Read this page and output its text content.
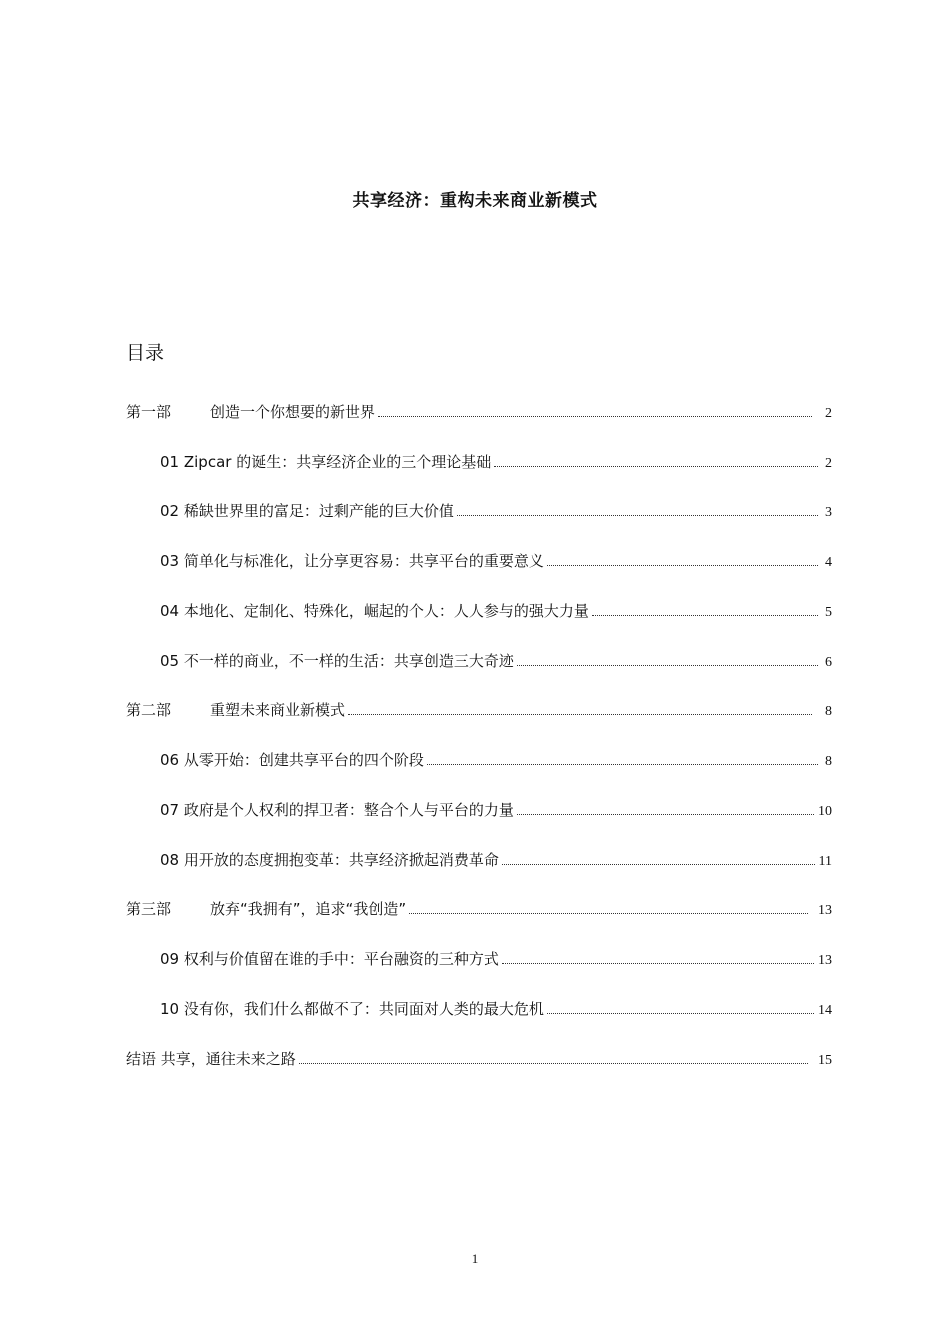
共享经济：重构未来商业新模式
目录
第一部	创造一个你想要的新世界	2
01 Zipcar 的诞生：共享经济企业的三个理论基础	2
02 稀缺世界里的富足：过剩产能的巨大价值	3
03 简单化与标准化，让分享更容易：共享平台的重要意义	4
04 本地化、定制化、特殊化，崛起的个人：人人参与的强大力量	5
05 不一样的商业，不一样的生活：共享创造三大奇迹	6
第二部	重塑未来商业新模式	8
06 从零开始：创建共享平台的四个阶段	8
07 政府是个人权利的捍卫者：整合个人与平台的力量	10
08 用开放的态度拥抱变革：共享经济掀起消费革命	11
第三部	放弃“我拥有”，追求“我创造”	13
09 权利与价值留在谁的手中：平台融资的三种方式	13
10 没有你，我们什么都做不了：共同面对人类的最大危机	14
结语 共享，通往未来之路	15
1
